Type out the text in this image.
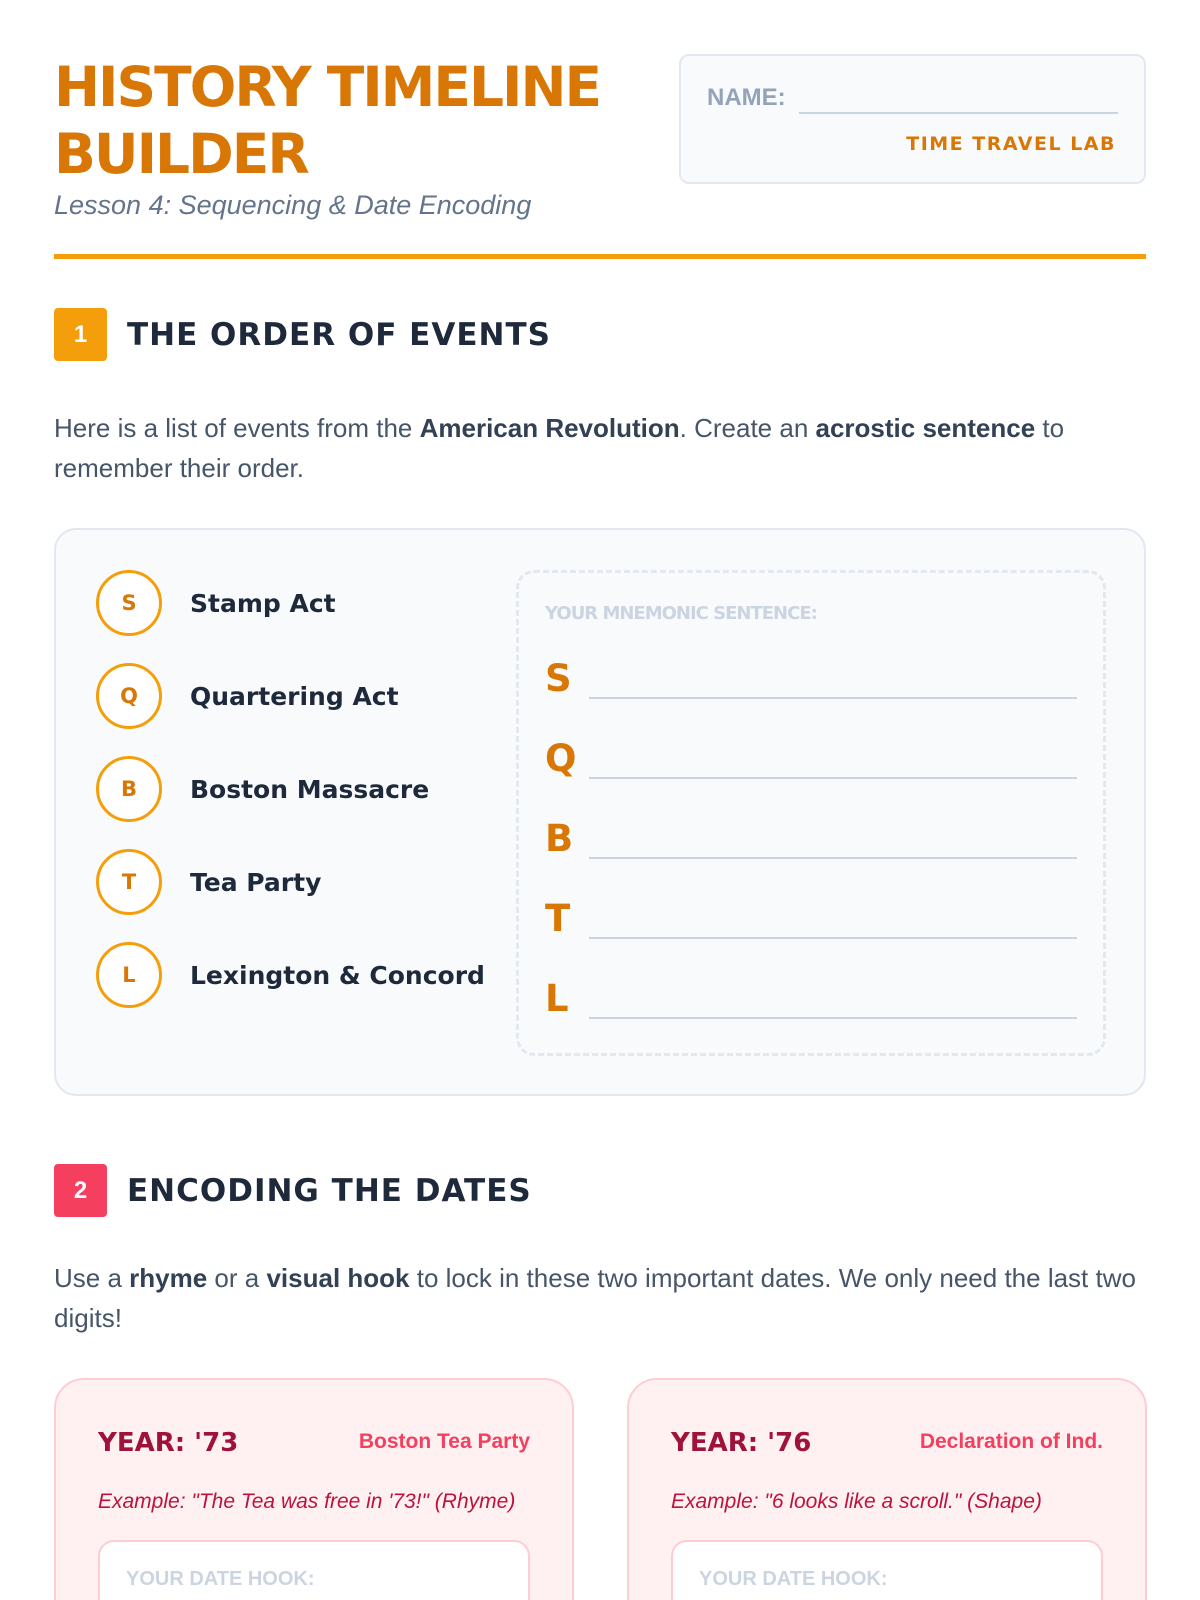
HISTORY TIMELINE BUILDER
Lesson 4: Sequencing & Date Encoding
NAME:
TIME TRAVEL LAB
1	THE ORDER OF EVENTS

Here is a list of events from the American Revolution. Create an acrostic sentence to remember their order.

S	Stamp Act
Q	Quartering Act
B	Boston Massacre
T	Tea Party
L	Lexington & Concord
YOUR MNEMONIC SENTENCE:
S
Q
B
T
L
2	ENCODING THE DATES

Use a rhyme or a visual hook to lock in these two important dates. We only need the last two digits!

YEAR: '73	Boston Tea Party
Example: "The Tea was free in '73!" (Rhyme)
YOUR DATE HOOK:
YEAR: '76	Declaration of Ind.
Example: "6 looks like a scroll." (Shape)
YOUR DATE HOOK:
